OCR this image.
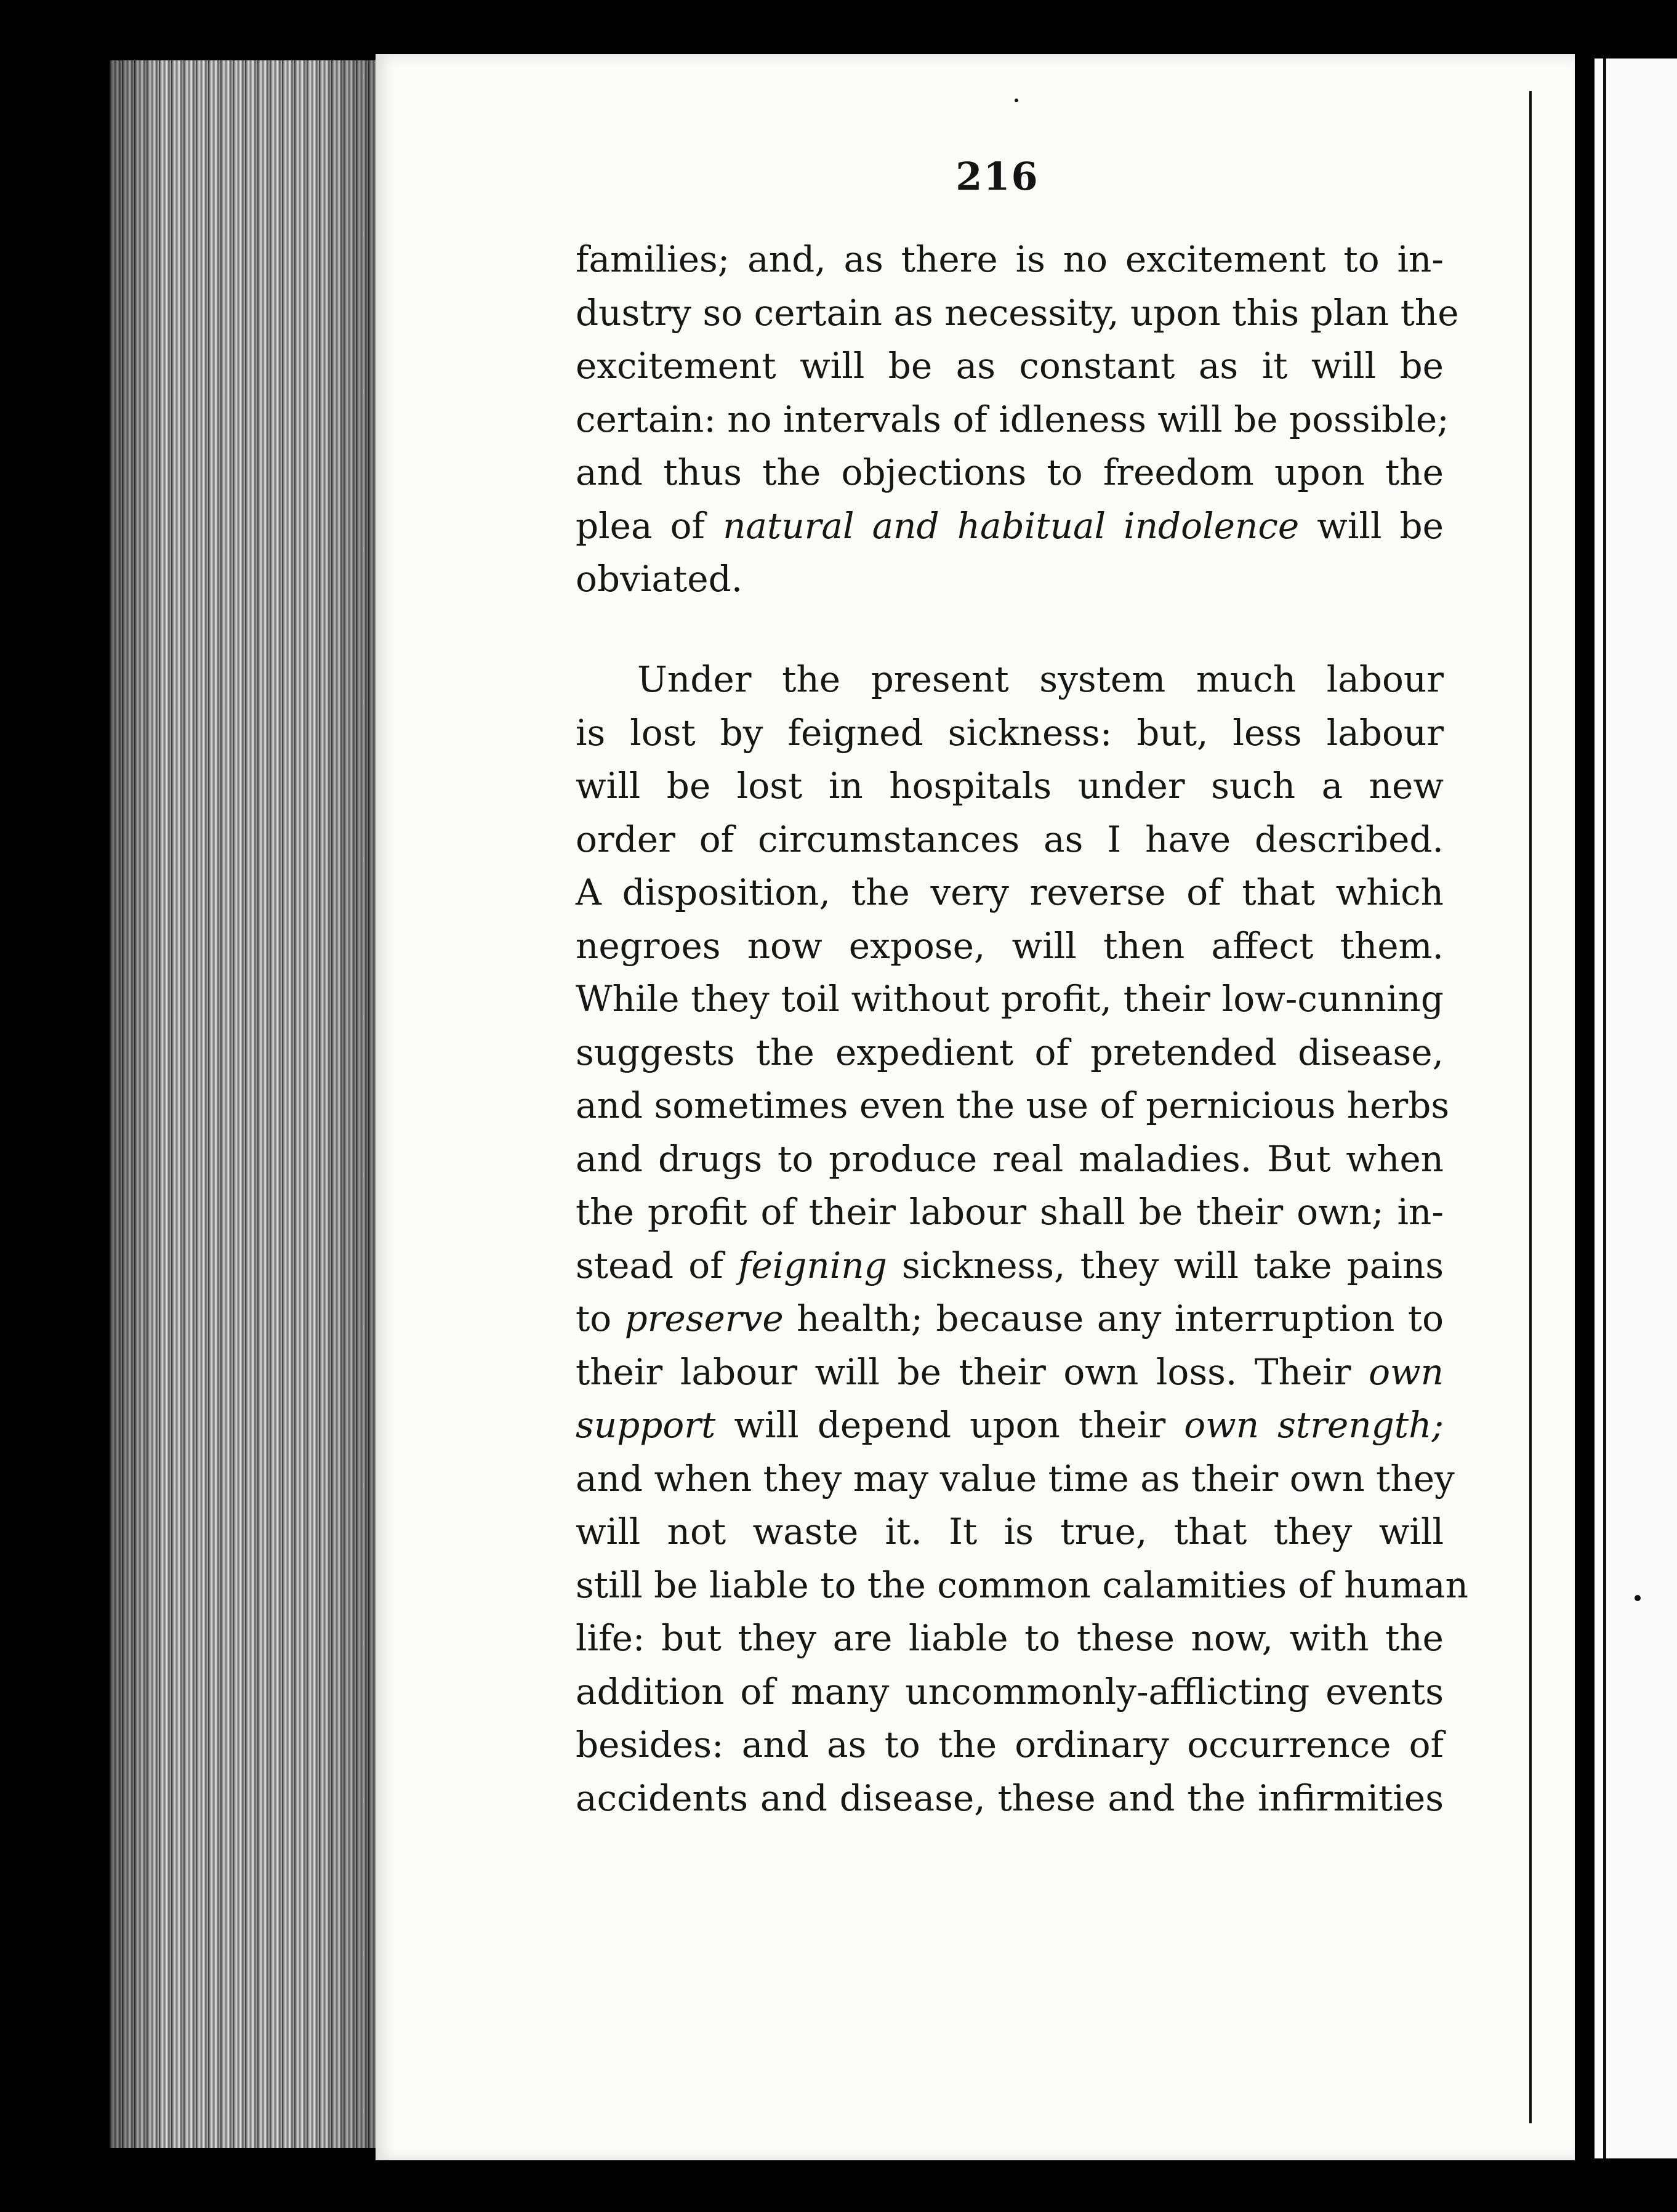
216
families; and, as there is no excitement to in-
dustry so certain as necessity, upon this plan the
excitement will be as constant as it will be
certain: no intervals of idleness will be possible;
and thus the objections to freedom upon the
plea of natural and habitual indolence will be
obviated.
Under the present system much labour
is lost by feigned sickness: but, less labour
will be lost in hospitals under such a new
order of circumstances as I have described.
A disposition, the very reverse of that which
negroes now expose, will then affect them.
While they toil without profit, their low-cunning
suggests the expedient of pretended disease,
and sometimes even the use of pernicious herbs
and drugs to produce real maladies. But when
the profit of their labour shall be their own; in-
stead of feigning sickness, they will take pains
to preserve health; because any interruption to
their labour will be their own loss. Their own
support will depend upon their own strength;
and when they may value time as their own they
will not waste it. It is true, that they will
still be liable to the common calamities of human
life: but they are liable to these now, with the
addition of many uncommonly-afflicting events
besides: and as to the ordinary occurrence of
accidents and disease, these and the infirmities
